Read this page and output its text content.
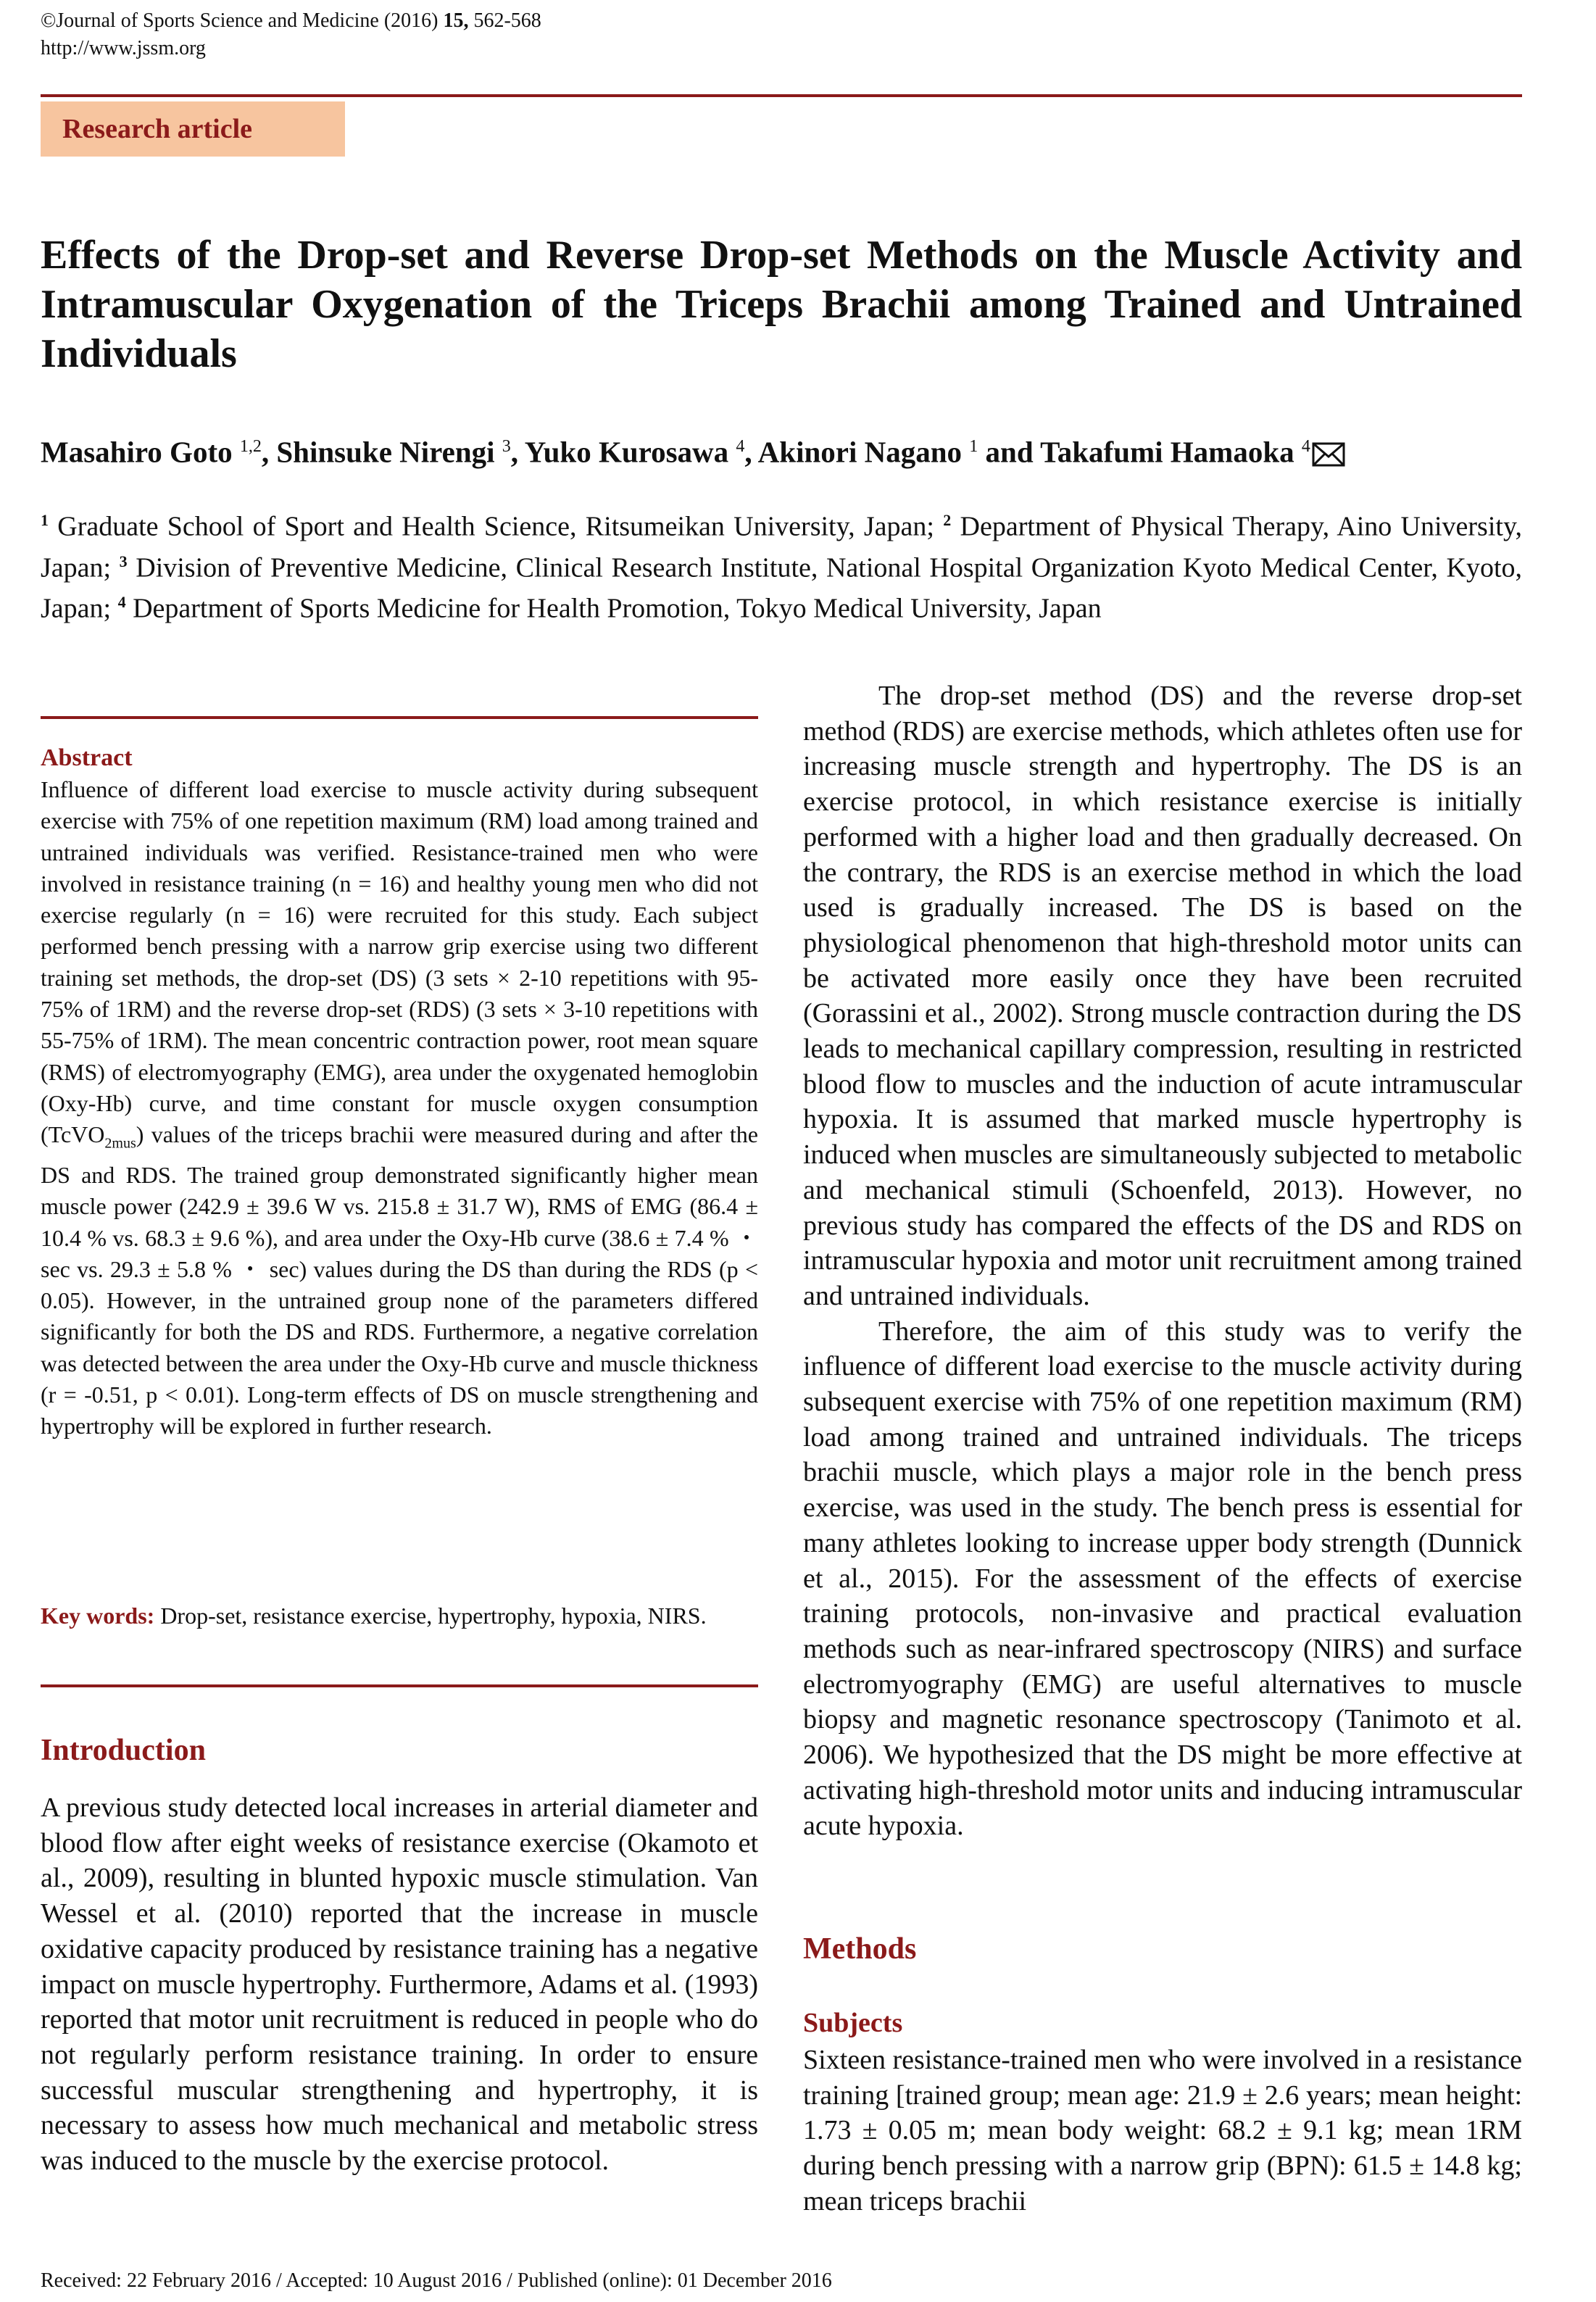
©Journal of Sports Science and Medicine (2016) 15, 562-568
http://www.jssm.org
Research article
Effects of the Drop-set and Reverse Drop-set Methods on the Muscle Activity and Intramuscular Oxygenation of the Triceps Brachii among Trained and Untrained Individuals
Masahiro Goto $^{1,2}$, Shinsuke Nirengi $^3$, Yuko Kurosawa $^4$, Akinori Nagano $^1$ and Takafumi Hamaoka $^4$
$^1$ Graduate School of Sport and Health Science, Ritsumeikan University, Japan; $^2$ Department of Physical Therapy, Aino University, Japan; $^3$ Division of Preventive Medicine, Clinical Research Institute, National Hospital Organization Kyoto Medical Center, Kyoto, Japan; $^4$ Department of Sports Medicine for Health Promotion, Tokyo Medical University, Japan
Abstract
Influence of different load exercise to muscle activity during subsequent exercise with 75% of one repetition maximum (RM) load among trained and untrained individuals was verified. Resistance-trained men who were involved in resistance training (n = 16) and healthy young men who did not exercise regularly (n = 16) were recruited for this study. Each subject performed bench pressing with a narrow grip exercise using two different training set methods, the drop-set (DS) (3 sets × 2-10 repetitions with 95-75% of 1RM) and the reverse drop-set (RDS) (3 sets × 3-10 repetitions with 55-75% of 1RM). The mean concentric contraction power, root mean square (RMS) of electromyography (EMG), area under the oxygenated hemoglobin (Oxy-Hb) curve, and time constant for muscle oxygen consumption (TcVO$_{2mus}$) values of the triceps brachii were measured during and after the DS and RDS. The trained group demonstrated significantly higher mean muscle power (242.9 ± 39.6 W vs. 215.8 ± 31.7 W), RMS of EMG (86.4 ± 10.4 % vs. 68.3 ± 9.6 %), and area under the Oxy-Hb curve (38.6 ± 7.4 % ・ sec vs. 29.3 ± 5.8 % ・ sec) values during the DS than during the RDS (p < 0.05). However, in the untrained group none of the parameters differed significantly for both the DS and RDS. Furthermore, a negative correlation was detected between the area under the Oxy-Hb curve and muscle thickness (r = -0.51, p < 0.01). Long-term effects of DS on muscle strengthening and hypertrophy will be explored in further research.
Key words: Drop-set, resistance exercise, hypertrophy, hypoxia, NIRS.
Introduction
A previous study detected local increases in arterial diameter and blood flow after eight weeks of resistance exercise (Okamoto et al., 2009), resulting in blunted hypoxic muscle stimulation. Van Wessel et al. (2010) reported that the increase in muscle oxidative capacity produced by resistance training has a negative impact on muscle hypertrophy. Furthermore, Adams et al. (1993) reported that motor unit recruitment is reduced in people who do not regularly perform resistance training. In order to ensure successful muscular strengthening and hypertrophy, it is necessary to assess how much mechanical and metabolic stress was induced to the muscle by the exercise protocol.

The drop-set method (DS) and the reverse drop-set method (RDS) are exercise methods, which athletes often use for increasing muscle strength and hypertrophy. The DS is an exercise protocol, in which resistance exercise is initially performed with a higher load and then gradually decreased. On the contrary, the RDS is an exercise method in which the load used is gradually increased. The DS is based on the physiological phenomenon that high-threshold motor units can be activated more easily once they have been recruited (Gorassini et al., 2002). Strong muscle contraction during the DS leads to mechanical capillary compression, resulting in restricted blood flow to muscles and the induction of acute intramuscular hypoxia. It is assumed that marked muscle hypertrophy is induced when muscles are simultaneously subjected to metabolic and mechanical stimuli (Schoenfeld, 2013). However, no previous study has compared the effects of the DS and RDS on intramuscular hypoxia and motor unit recruitment among trained and untrained individuals.

Therefore, the aim of this study was to verify the influence of different load exercise to the muscle activity during subsequent exercise with 75% of one repetition maximum (RM) load among trained and untrained individuals. The triceps brachii muscle, which plays a major role in the bench press exercise, was used in the study. The bench press is essential for many athletes looking to increase upper body strength (Dunnick et al., 2015). For the assessment of the effects of exercise training protocols, non-invasive and practical evaluation methods such as near-infrared spectroscopy (NIRS) and surface electromyography (EMG) are useful alternatives to muscle biopsy and magnetic resonance spectroscopy (Tanimoto et al. 2006). We hypothesized that the DS might be more effective at activating high-threshold motor units and inducing intramuscular acute hypoxia.

Methods
Subjects
Sixteen resistance-trained men who were involved in a resistance training [trained group; mean age: 21.9 ± 2.6 years; mean height: 1.73 ± 0.05 m; mean body weight: 68.2 ± 9.1 kg; mean 1RM during bench pressing with a narrow grip (BPN): 61.5 ± 14.8 kg; mean triceps brachii
Received: 22 February 2016 / Accepted: 10 August 2016 / Published (online): 01 December 2016
